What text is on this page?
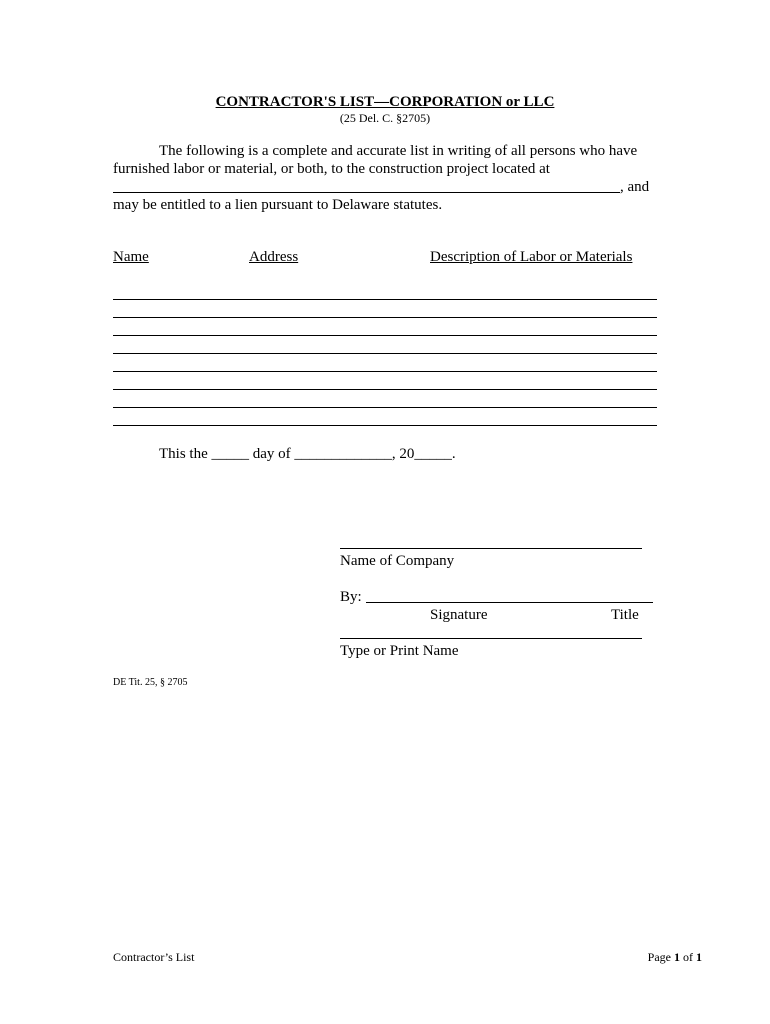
CONTRACTOR'S LIST—CORPORATION or LLC
(25 Del. C. §2705)
The following is a complete and accurate list in writing of all persons who have
furnished labor or material, or both, to the construction project located at
, and
may be entitled to a lien pursuant to Delaware statutes.
Name	Address	Description of Labor or Materials
This the _____ day of _____________, 20_____.
Name of Company
By:
Signature	Title
Type or Print Name
DE Tit. 25, § 2705
Contractor’s List	Page 1 of 1
